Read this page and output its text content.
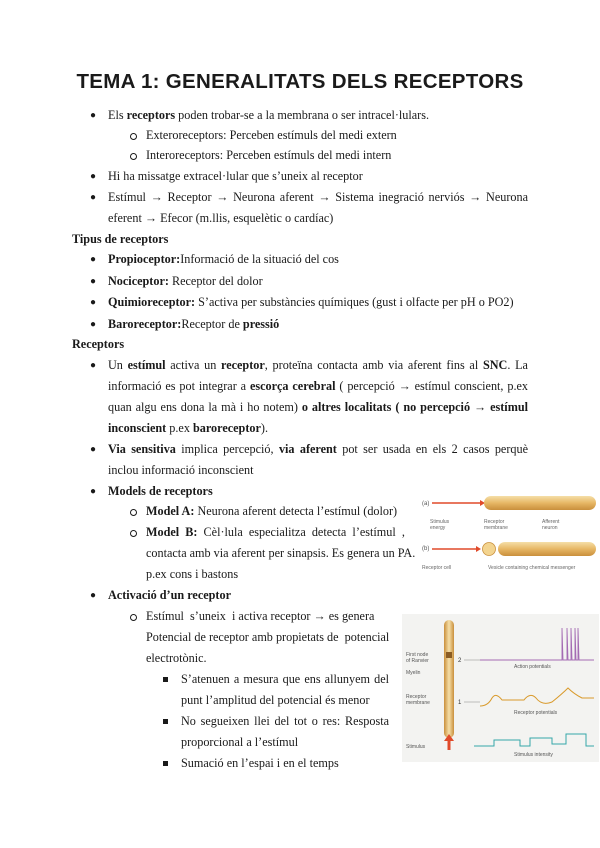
TEMA 1: GENERALITATS DELS RECEPTORS
● Els receptors poden trobar-se a la membrana o ser intracel·lulars.
Exteroreceptors: Perceben estímuls del medi extern
Interoreceptors: Perceben estímuls del medi intern
● Hi ha missatge extracel·lular que s’uneix al receptor
● Estímul → Receptor → Neurona aferent → Sistema inegració nerviós → Neurona
eferent → Efecor (m.llis, esquelètic o cardíac)
Tipus de receptors
● Propioceptor:Informació de la situació del cos
● Nociceptor: Receptor del dolor
● Quimioreceptor: S’activa per substàncies químiques (gust i olfacte per pH o PO2)
● Baroreceptor:Receptor de pressió
Receptors
● Un estímul activa un receptor, proteïna contacta amb via aferent fins al SNC. La
informació es pot integrar a escorça cerebral ( percepció → estímul conscient, p.ex
quan algu ens dona la mà i ho notem) o altres localitats ( no percepció → estímul
inconscient p.ex baroreceptor).
● Via sensitiva implica percepció, via aferent pot ser usada en els 2 casos perquè
inclou informació inconscient
● Models de receptors
Model A: Neurona aferent detecta l’estímul (dolor)
Model  B:  Cèl·lula  especialitza  detecta  l’estímul  ,
contacta amb via aferent per sinapsis. Es genera un PA.
p.ex cons i bastons
● Activació d’un receptor
Estímul  s’uneix  i activa receptor → es genera
Potencial de receptor amb propietats de  potencial
electrotònic.
S’atenuen a mesura que ens allunyem del
punt l’amplitud del potencial és menor
No segueixen llei del tot o res: Resposta
proporcional a l’estímul
Sumació en l’espai i en el temps
(a)
Stimulus
energy
Receptor
membrane
Afferent
neuron
(b)
Receptor cell	Vesicle containing chemical messenger
First node
of Ranvier
Myelin
Receptor
membrane
Stimulus
2
1
Action potentials
Receptor potentials
Stimulus intensity
